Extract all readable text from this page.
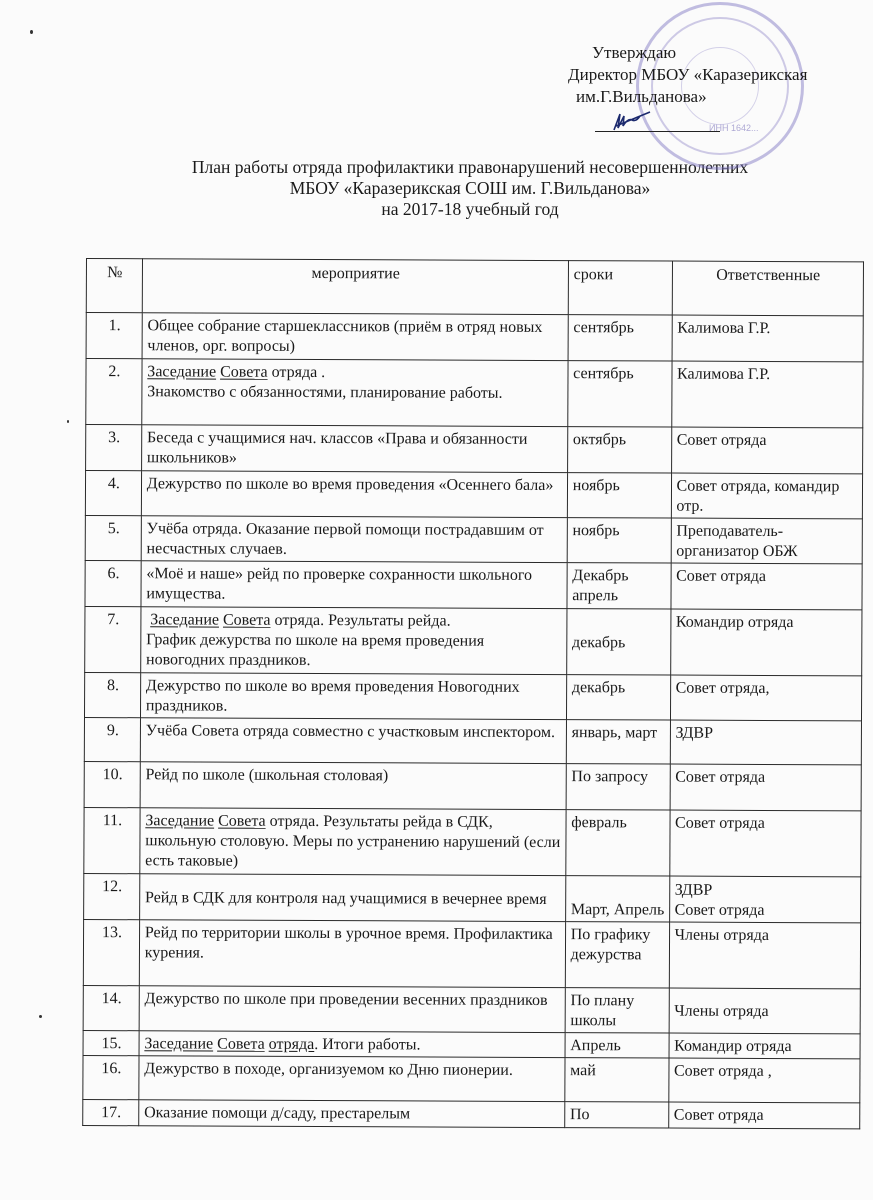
ИНН 1642...
Утверждаю
Директор МБОУ «Каразерикская
им.Г.Вильданова»
План работы отряда профилактики правонарушений несовершеннолетних
МБОУ «Каразерикская СОШ им. Г.Вильданова»
на 2017-18 учебный год
№	мероприятие	сроки	Ответственные
1.	Общее собрание старшеклассников (приём в отряд новых членов, орг. вопросы)	сентябрь	Калимова Г.Р.
2.	Заседание Совета отряда .
Знакомство с обязанностями, планирование работы.	сентябрь	Калимова Г.Р.
3.	Беседа с учащимися нач. классов «Права и обязанности школьников»	октябрь	Совет отряда
4.	Дежурство по школе во время проведения «Осеннего бала»	ноябрь	Совет отряда, командир отр.
5.	Учёба отряда. Оказание первой помощи пострадавшим от несчастных случаев.	ноябрь	Преподаватель-организатор ОБЖ
6.	«Моё и наше» рейд по проверке сохранности школьного имущества.	Декабрь апрель	Совет отряда
7.	Заседание Совета отряда. Результаты рейда.
График дежурства по школе на время проведения новогодних праздников.	декабрь	Командир отряда
8.	Дежурство по школе во время проведения Новогодних праздников.	декабрь	Совет отряда,
9.	Учёба Совета отряда совместно с участковым инспектором.	январь, март	ЗДВР
10.	Рейд по школе (школьная столовая)	По запросу	Совет отряда
11.	Заседание Совета отряда. Результаты рейда в СДК, школьную столовую. Меры по устранению нарушений (если есть таковые)	февраль	Совет отряда
12.	Рейд в СДК для контроля над учащимися в вечернее время	Март, Апрель	ЗДВР
Совет отряда
13.	Рейд по территории школы в урочное время. Профилактика курения.	По графику дежурства	Члены отряда
14.	Дежурство по школе при проведении весенних праздников	По плану школы	Члены отряда
15.	Заседание Совета отряда. Итоги работы.	Апрель	Командир отряда
16.	Дежурство в походе, организуемом ко Дню пионерии.	май	Совет отряда ,
17.	Оказание помощи д/саду, престарелым	По	Совет отряда
